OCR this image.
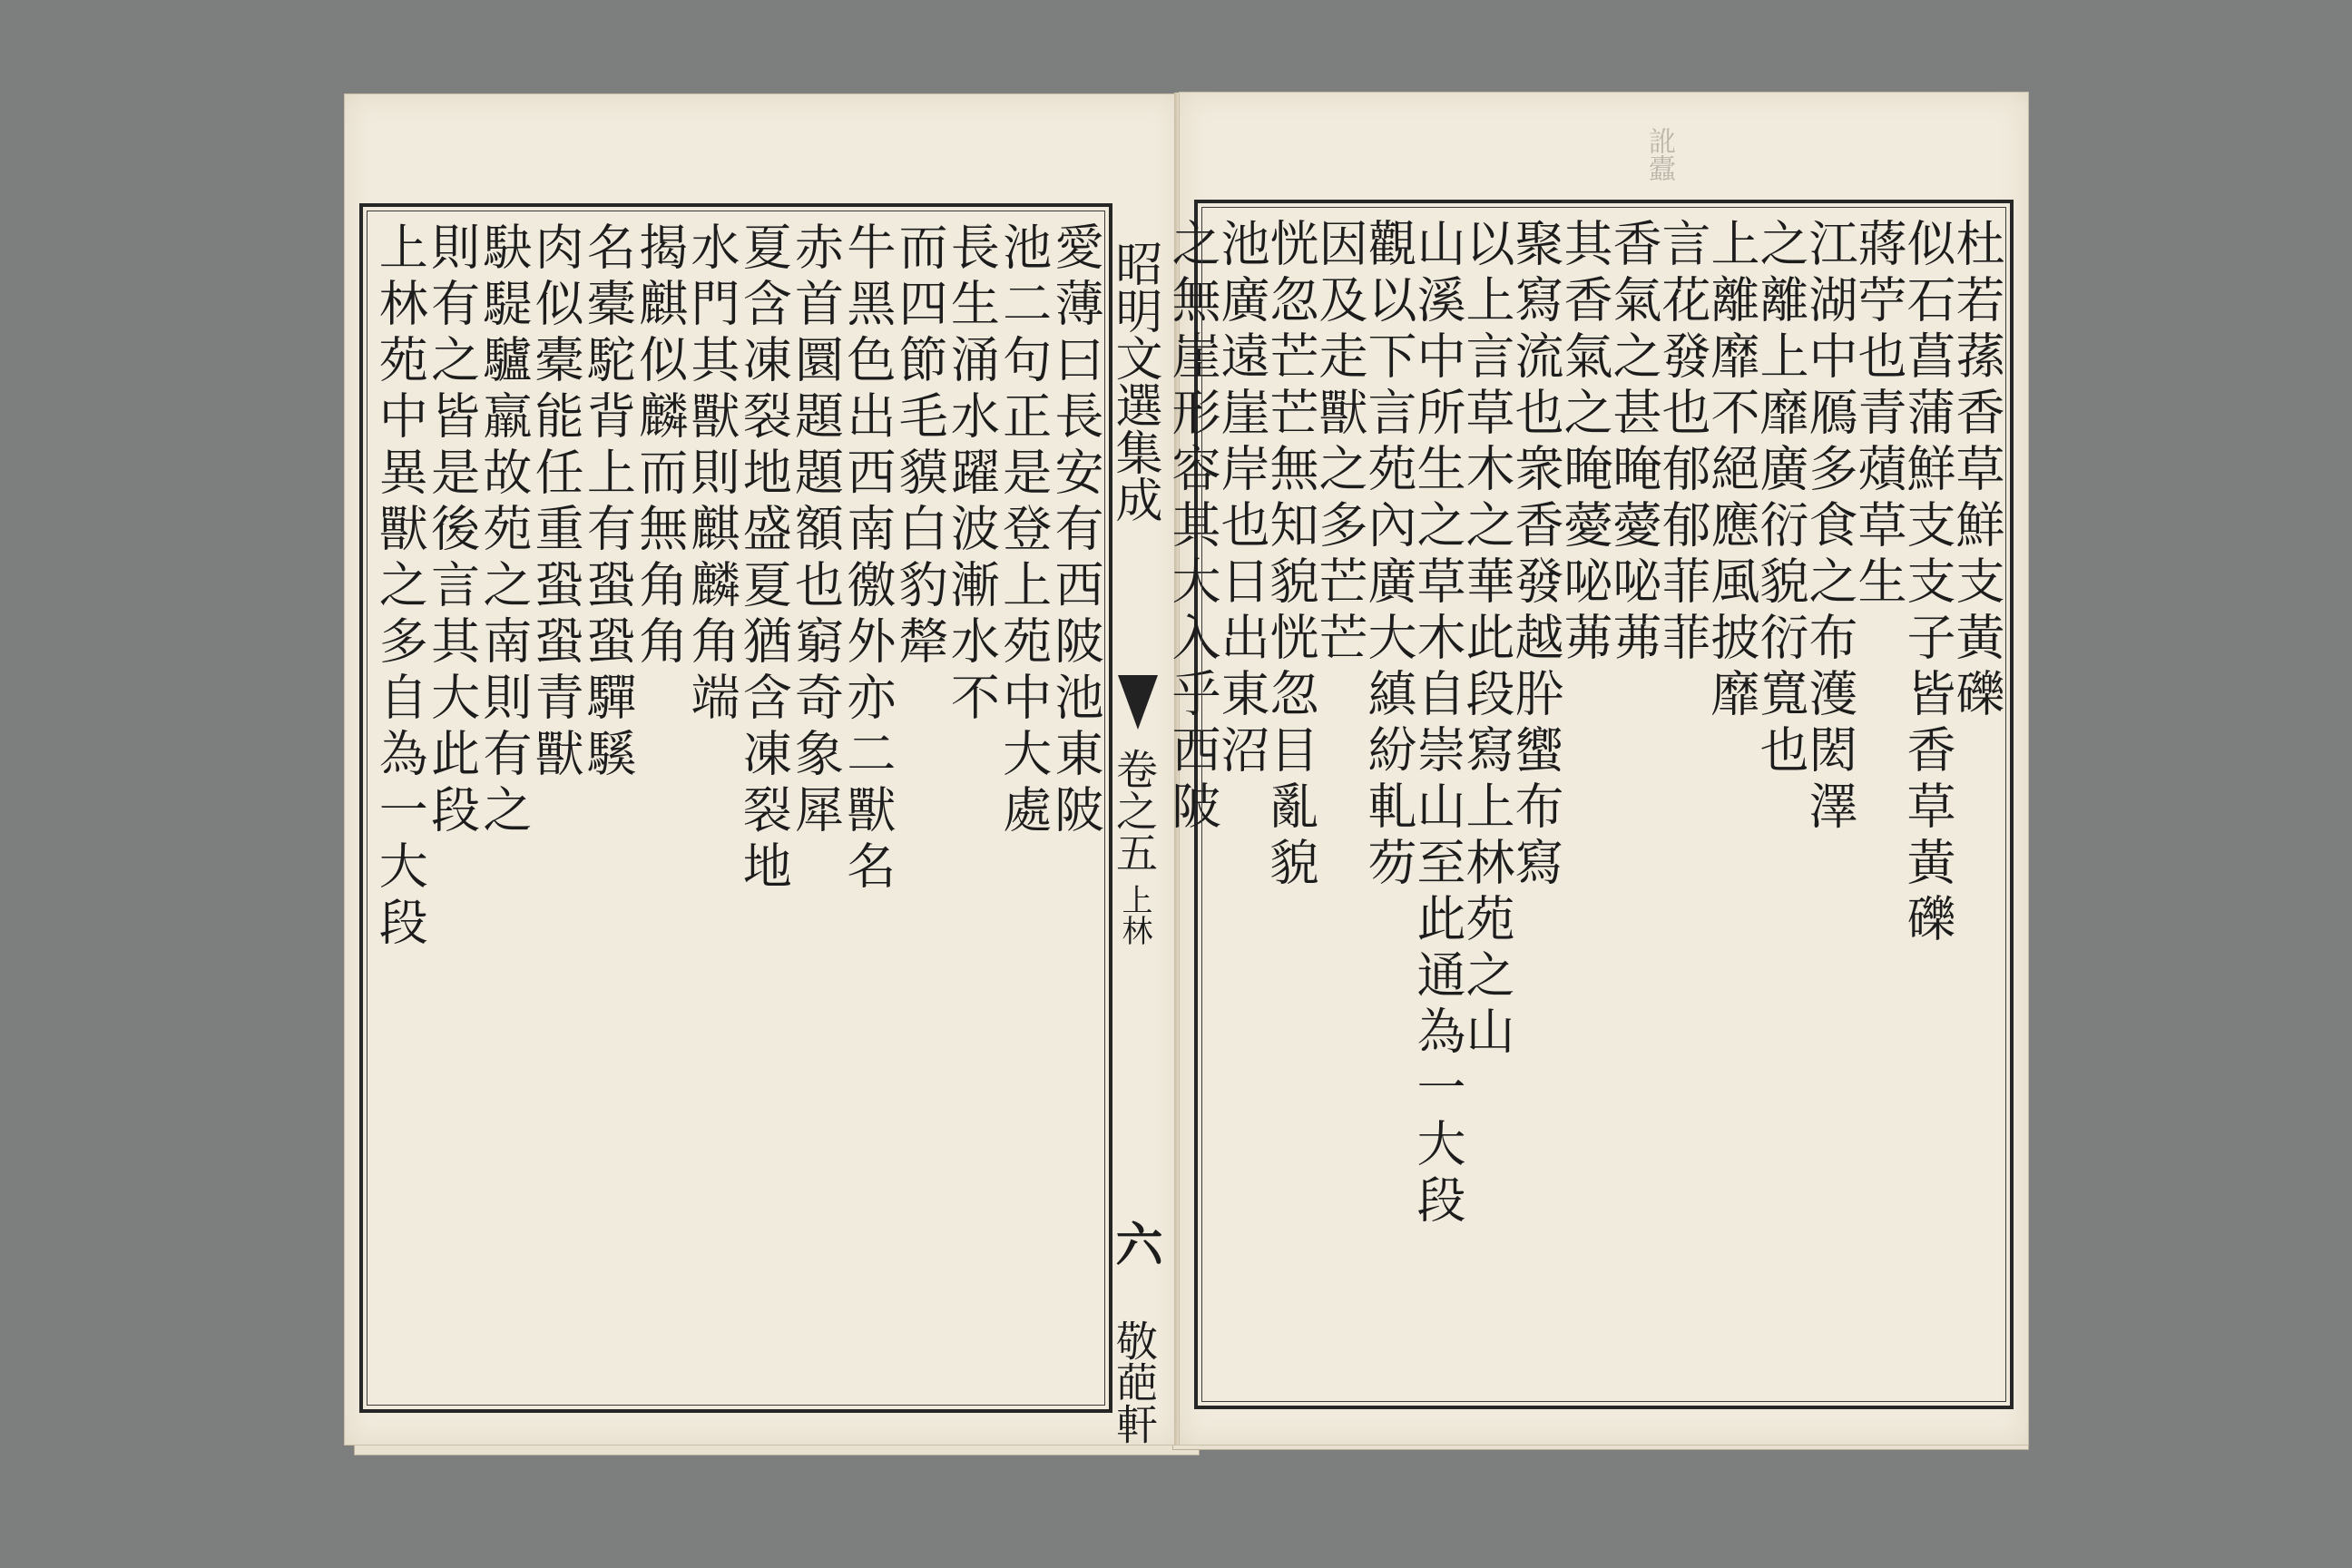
愛薄曰長安有西陂池東陂
池二句正是登上苑中大處
長生涌水躍波漸水不
而四節毛貘白豹犛
牛黑色出西南徼外亦二獸名
赤首圜題題額也窮奇象犀
夏含凍裂地盛夏猶含凍裂地
水門其獸則麒麟角端
揭麒似麟而無角角
名橐駝背上有蛩蛩驒騱
肉似橐能任重蛩蛩青獸
駃騠驢羸故苑之南則有之
則有之皆是後言其大此段
上林苑中異獸之多自為一大段	昭明文選集成
卷之五
上林
六
敬葩軒
杜若蓀香草鮮支黃礫
似石菖蒲鮮支支子皆香草黃礫
蔣苧也青薠草生
江湖中鴈多食之布濩閎澤
之離上靡廣衍貌衍寬也
上離靡不絕應風披靡
言花發也郁郁菲菲
香氣之甚晻薆咇茀
其香氣之晻薆咇茀
聚寫流也衆香發越肸蠁布寫
以上言草木之華此段寫上林苑之山
山溪中所生之草木自崇山至此通為一大段
觀以下言苑內廣大縝紛軋芴
因及走獸之多芒芒
恍忽芒芒無知貌恍忽目亂貌
池廣遠崖岸也日出東沼
之無崖形容其大入乎西陂
訛蠹
